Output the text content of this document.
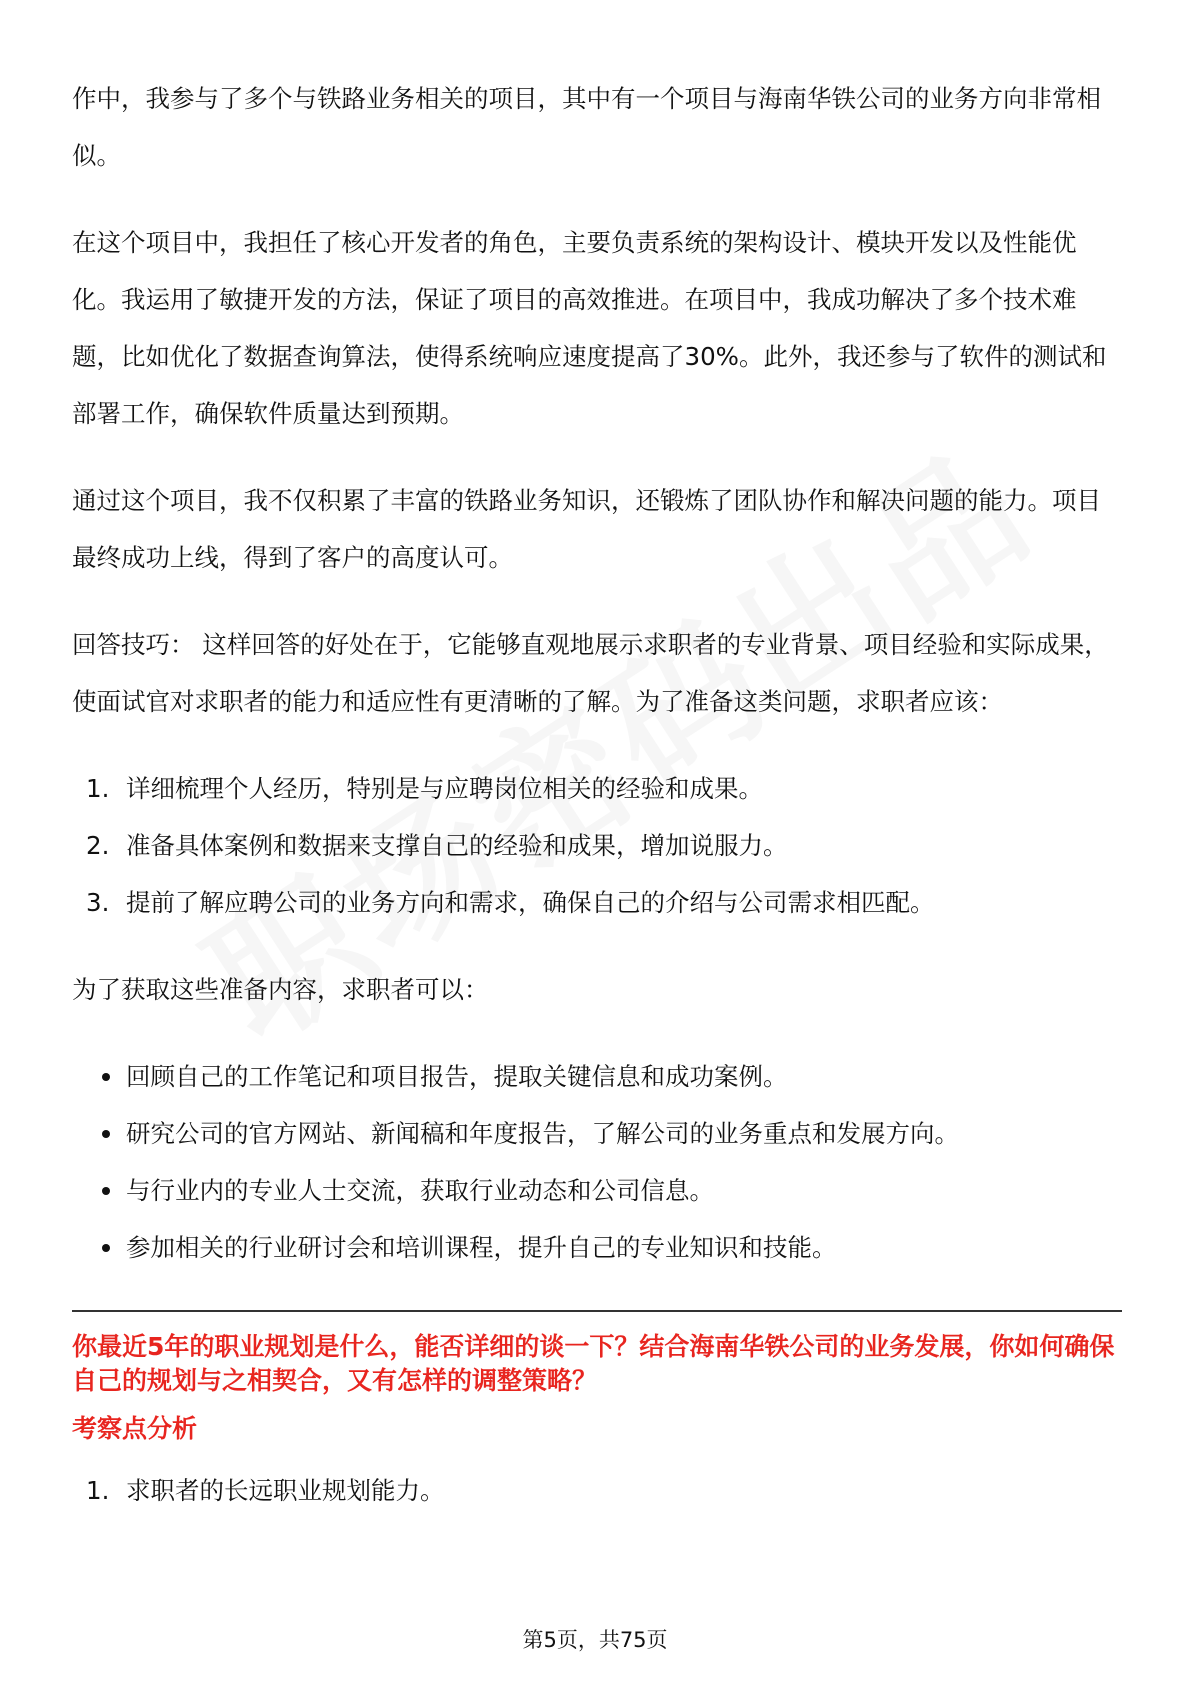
作中，我参与了多个与铁路业务相关的项目，其中有一个项目与海南华铁公司的业务方向非常相似。

在这个项目中，我担任了核心开发者的角色，主要负责系统的架构设计、模块开发以及性能优化。我运用了敏捷开发的方法，保证了项目的高效推进。在项目中，我成功解决了多个技术难题，比如优化了数据查询算法，使得系统响应速度提高了30%。此外，我还参与了软件的测试和部署工作，确保软件质量达到预期。

通过这个项目，我不仅积累了丰富的铁路业务知识，还锻炼了团队协作和解决问题的能力。项目最终成功上线，得到了客户的高度认可。

回答技巧： 这样回答的好处在于，它能够直观地展示求职者的专业背景、项目经验和实际成果，使面试官对求职者的能力和适应性有更清晰的了解。为了准备这类问题，求职者应该：

1. 详细梳理个人经历，特别是与应聘岗位相关的经验和成果。
2. 准备具体案例和数据来支撑自己的经验和成果，增加说服力。
3. 提前了解应聘公司的业务方向和需求，确保自己的介绍与公司需求相匹配。

为了获取这些准备内容，求职者可以：

回顾自己的工作笔记和项目报告，提取关键信息和成功案例。
研究公司的官方网站、新闻稿和年度报告，了解公司的业务重点和发展方向。
与行业内的专业人士交流，获取行业动态和公司信息。
参加相关的行业研讨会和培训课程，提升自己的专业知识和技能。

你最近5年的职业规划是什么，能否详细的谈一下？结合海南华铁公司的业务发展，你如何确保自己的规划与之相契合，又有怎样的调整策略？

考察点分析

1. 求职者的长远职业规划能力。
第5页，共75页
